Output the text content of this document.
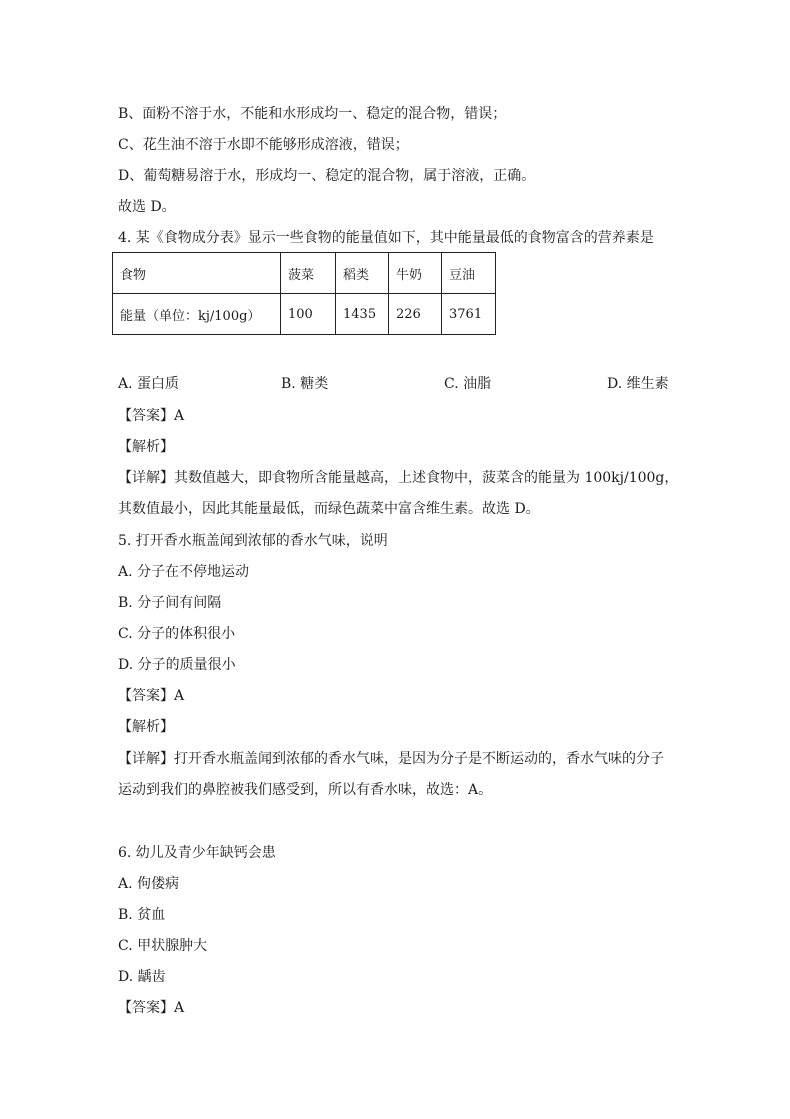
B、面粉不溶于水，不能和水形成均一、稳定的混合物，错误；
C、花生油不溶于水即不能够形成溶液，错误；
D、葡萄糖易溶于水，形成均一、稳定的混合物，属于溶液，正确。
故选 D。
4. 某《食物成分表》显示一些食物的能量值如下，其中能量最低的食物富含的营养素是
食物	菠菜	稻类	牛奶	豆油
能量（单位：kj/100g）	100	1435	226	3761
A. 蛋白质	B. 糖类	C. 油脂	D. 维生素
【答案】A
【解析】
【详解】其数值越大，即食物所含能量越高，上述食物中，菠菜含的能量为 100kj/100g，
其数值最小，因此其能量最低，而绿色蔬菜中富含维生素。故选 D。
5. 打开香水瓶盖闻到浓郁的香水气味，说明
A. 分子在不停地运动
B. 分子间有间隔
C. 分子的体积很小
D. 分子的质量很小
【答案】A
【解析】
【详解】打开香水瓶盖闻到浓郁的香水气味，是因为分子是不断运动的，香水气味的分子
运动到我们的鼻腔被我们感受到，所以有香水味，故选：A。
6. 幼儿及青少年缺钙会患
A. 佝偻病
B. 贫血
C. 甲状腺肿大
D. 龋齿
【答案】A
